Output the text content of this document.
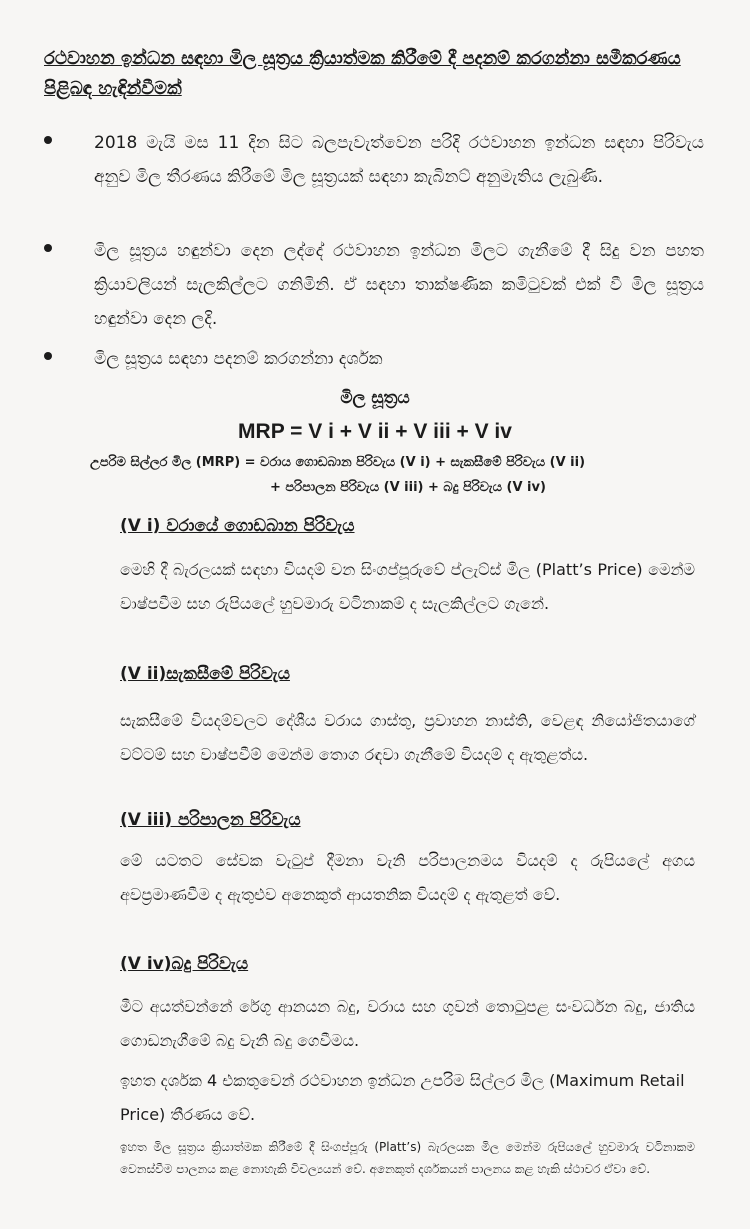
රථවාහන ඉන්ධන සඳහා මිල සූත්‍රය ක්‍රියාත්මක කිරීමේ දී පදනම් කරගන්නා සමීකරණය පිළිබඳ හැඳින්වීමක්
2018 මැයි මස 11 දින සිට බලපැවැත්වෙන පරිදි රථවාහන ඉන්ධන සඳහා පිරිවැය අනුව මිල තීරණය කිරීමේ මිල සූත්‍රයක් සඳහා කැබිනට් අනුමැතිය ලැබුණි.
මිල සූත්‍රය හඳුන්වා දෙන ලද්දේ රථවාහන ඉන්ධන මිලට ගැනීමේ දී සිදු වන පහත ක්‍රියාවලියන් සැලකිල්ලට ගනිමිනි. ඒ සඳහා තාක්ෂණික කමිටුවක් එක් වී මිල සූත්‍රය හඳුන්වා දෙන ලදි.
මිල සූත්‍රය සඳහා පදනම් කරගන්නා දර්ශක
මිල සූත්‍රය
MRP = V i + V ii + V iii + V iv
උපරිම සිල්ලර මිල (MRP) = වරාය ගොඩබාන පිරිවැය (V i) + සැකසීමේ පිරිවැය (V ii)
+ පරිපාලන පිරිවැය (V iii) + බදු පිරිවැය (V iv)
(V i) වරායේ ගොඩබාන පිරිවැය
මෙහි දී බැරලයක් සඳහා වියදම් වන සිංගප්පූරුවේ ප්ලැට්ස් මිල (Platt’s Price) මෙන්ම වාෂ්පවීම සහ රුපියලේ හුවමාරු වටිනාකම් ද සැලකිල්ලට ගැනේ.
(V ii)සැකසීමේ පිරිවැය
සැකසීමේ වියදම්වලට දේශීය වරාය ගාස්තු, ප්‍රවාහන නාස්ති, වෙළඳ නියෝජිතයාගේ වට්ටම් සහ වාෂ්පවීම් මෙන්ම තොග රඳවා ගැනීමේ වියදම් ද ඇතුළත්ය.
(V iii) පරිපාලන පිරිවැය
මේ යටතට සේවක වැටුප් දීමනා වැනි පරිපාලනමය වියදම් ද රුපියලේ අගය අවප්‍රමාණවීම ද ඇතුළුව අනෙකුත් ආයතනික වියදම් ද ඇතුළත් වේ.
(V iv)බදු පිරිවැය
මීට අයත්වන්නේ රේගු ආනයන බදු, වරාය සහ ගුවන් තොටුපළ සංවර්ධන බදු, ජාතිය ගොඩනැගීමේ බදු වැනි බදු ගෙවීමය.
ඉහත දර්ශක 4 එකතුවෙන් රථවාහන ඉන්ධන උපරිම සිල්ලර මිල (Maximum Retail Price) තීරණය වේ.
ඉහත මිල සූත්‍රය ක්‍රියාත්මක කිරීමේ දී සිංගප්පූරු (Platt’s) බැරලයක මිල මෙන්ම රුපියලේ හුවමාරු වටිනාකම වෙනස්වීම පාලනය කළ නොහැකි විචල්‍යයන් වේ. අනෙකුත් දර්ශකයන් පාලනය කළ හැකි ස්ථාවර ඒවා වේ.
